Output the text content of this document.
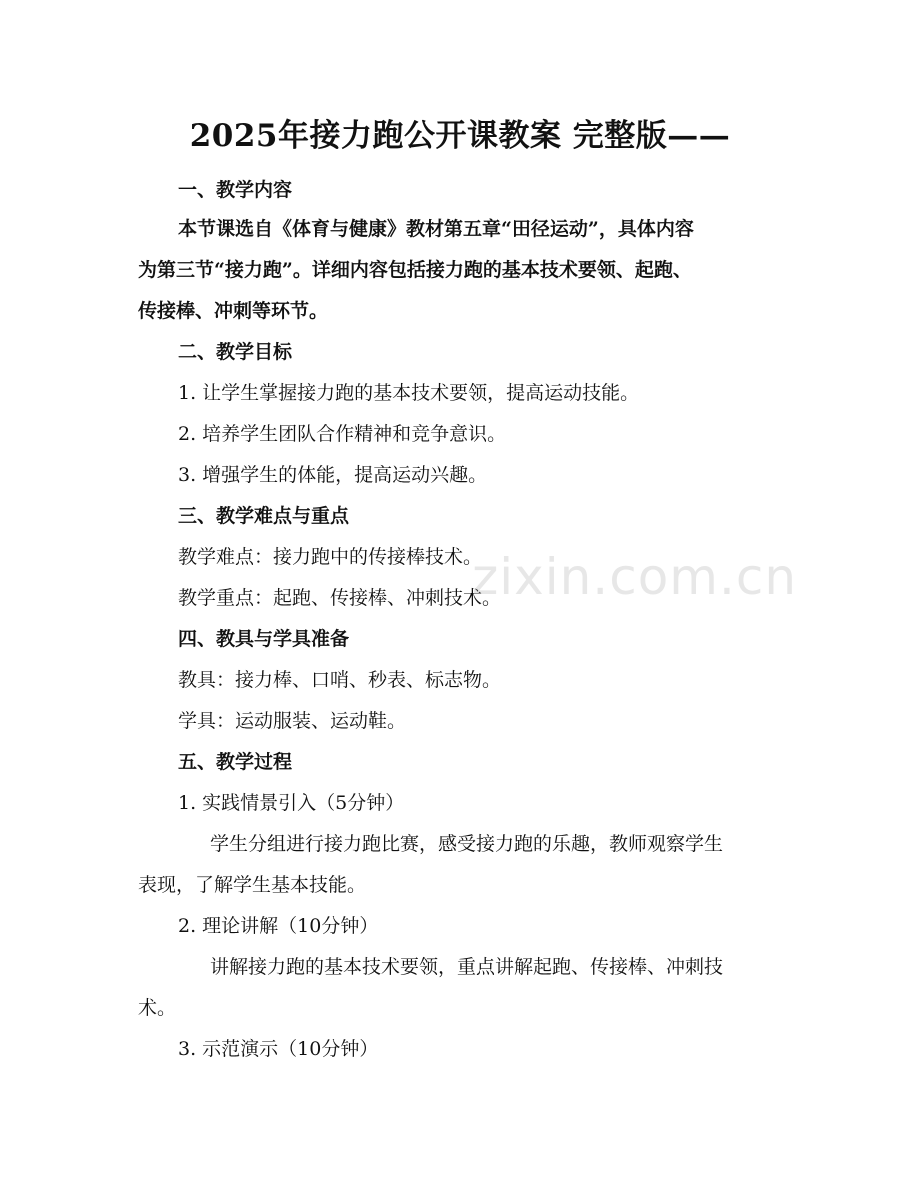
2025年接力跑公开课教案 完整版——
一、教学内容
本节课选自《体育与健康》教材第五章“田径运动”，具体内容
为第三节“接力跑”。详细内容包括接力跑的基本技术要领、起跑、
传接棒、冲刺等环节。
二、教学目标
1. 让学生掌握接力跑的基本技术要领，提高运动技能。
2. 培养学生团队合作精神和竞争意识。
3. 增强学生的体能，提高运动兴趣。
三、教学难点与重点
教学难点：接力跑中的传接棒技术。
教学重点：起跑、传接棒、冲刺技术。
四、教具与学具准备
教具：接力棒、口哨、秒表、标志物。
学具：运动服装、运动鞋。
五、教学过程
1. 实践情景引入（5分钟）
学生分组进行接力跑比赛，感受接力跑的乐趣，教师观察学生
表现，了解学生基本技能。
2. 理论讲解（10分钟）
讲解接力跑的基本技术要领，重点讲解起跑、传接棒、冲刺技
术。
3. 示范演示（10分钟）
zixin.com.cn
